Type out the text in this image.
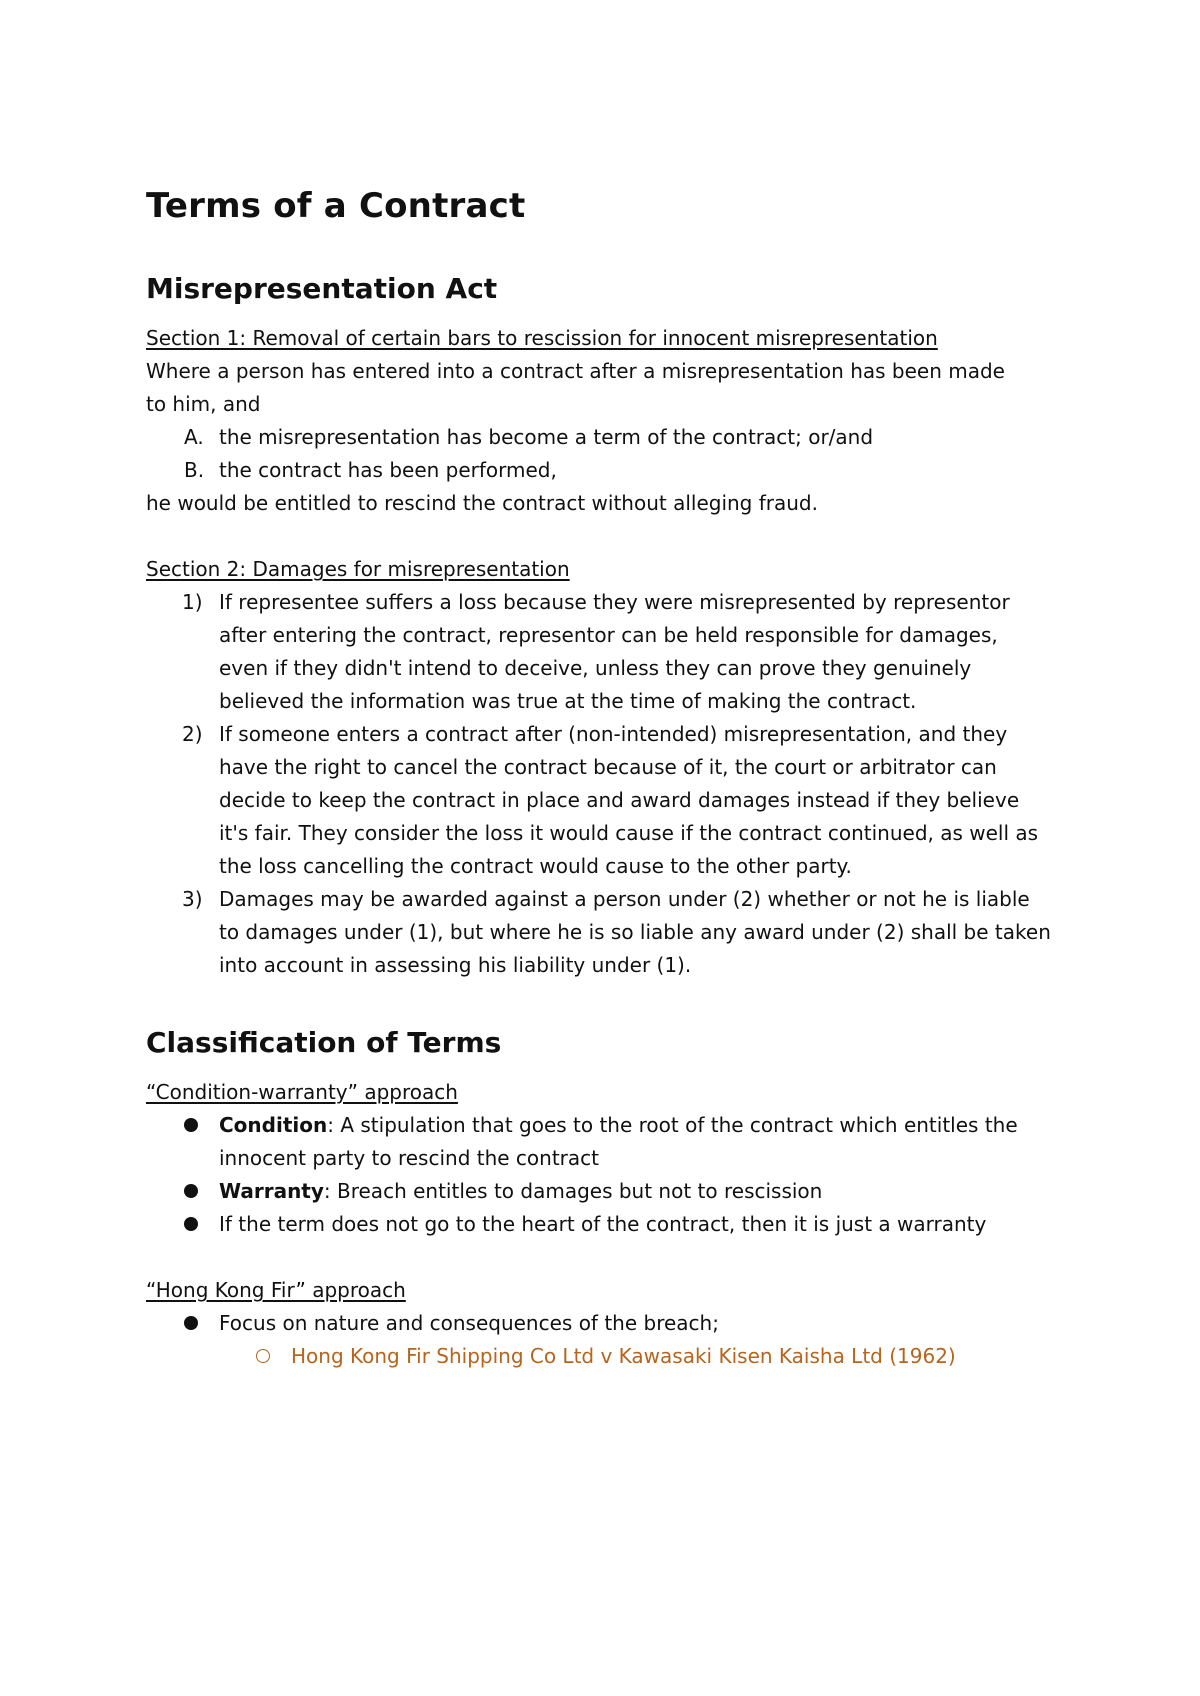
Terms of a Contract
Misrepresentation Act

Section 1: Removal of certain bars to rescission for innocent misrepresentation

Where a person has entered into a contract after a misrepresentation has been made

to him, and

A. the misrepresentation has become a term of the contract; or/and

B. the contract has been performed,

he would be entitled to rescind the contract without alleging fraud.

Section 2: Damages for misrepresentation

1) If representee suffers a loss because they were misrepresented by representor

after entering the contract, representor can be held responsible for damages,

even if they didn't intend to deceive, unless they can prove they genuinely

believed the information was true at the time of making the contract.

2) If someone enters a contract after (non-intended) misrepresentation, and they

have the right to cancel the contract because of it, the court or arbitrator can

decide to keep the contract in place and award damages instead if they believe

it's fair. They consider the loss it would cause if the contract continued, as well as

the loss cancelling the contract would cause to the other party.

3) Damages may be awarded against a person under (2) whether or not he is liable

to damages under (1), but where he is so liable any award under (2) shall be taken

into account in assessing his liability under (1).

Classification of Terms

“Condition-warranty” approach

Condition: A stipulation that goes to the root of the contract which entitles the

innocent party to rescind the contract

Warranty: Breach entitles to damages but not to rescission

If the term does not go to the heart of the contract, then it is just a warranty

“Hong Kong Fir” approach

Focus on nature and consequences of the breach;

Hong Kong Fir Shipping Co Ltd v Kawasaki Kisen Kaisha Ltd (1962)
